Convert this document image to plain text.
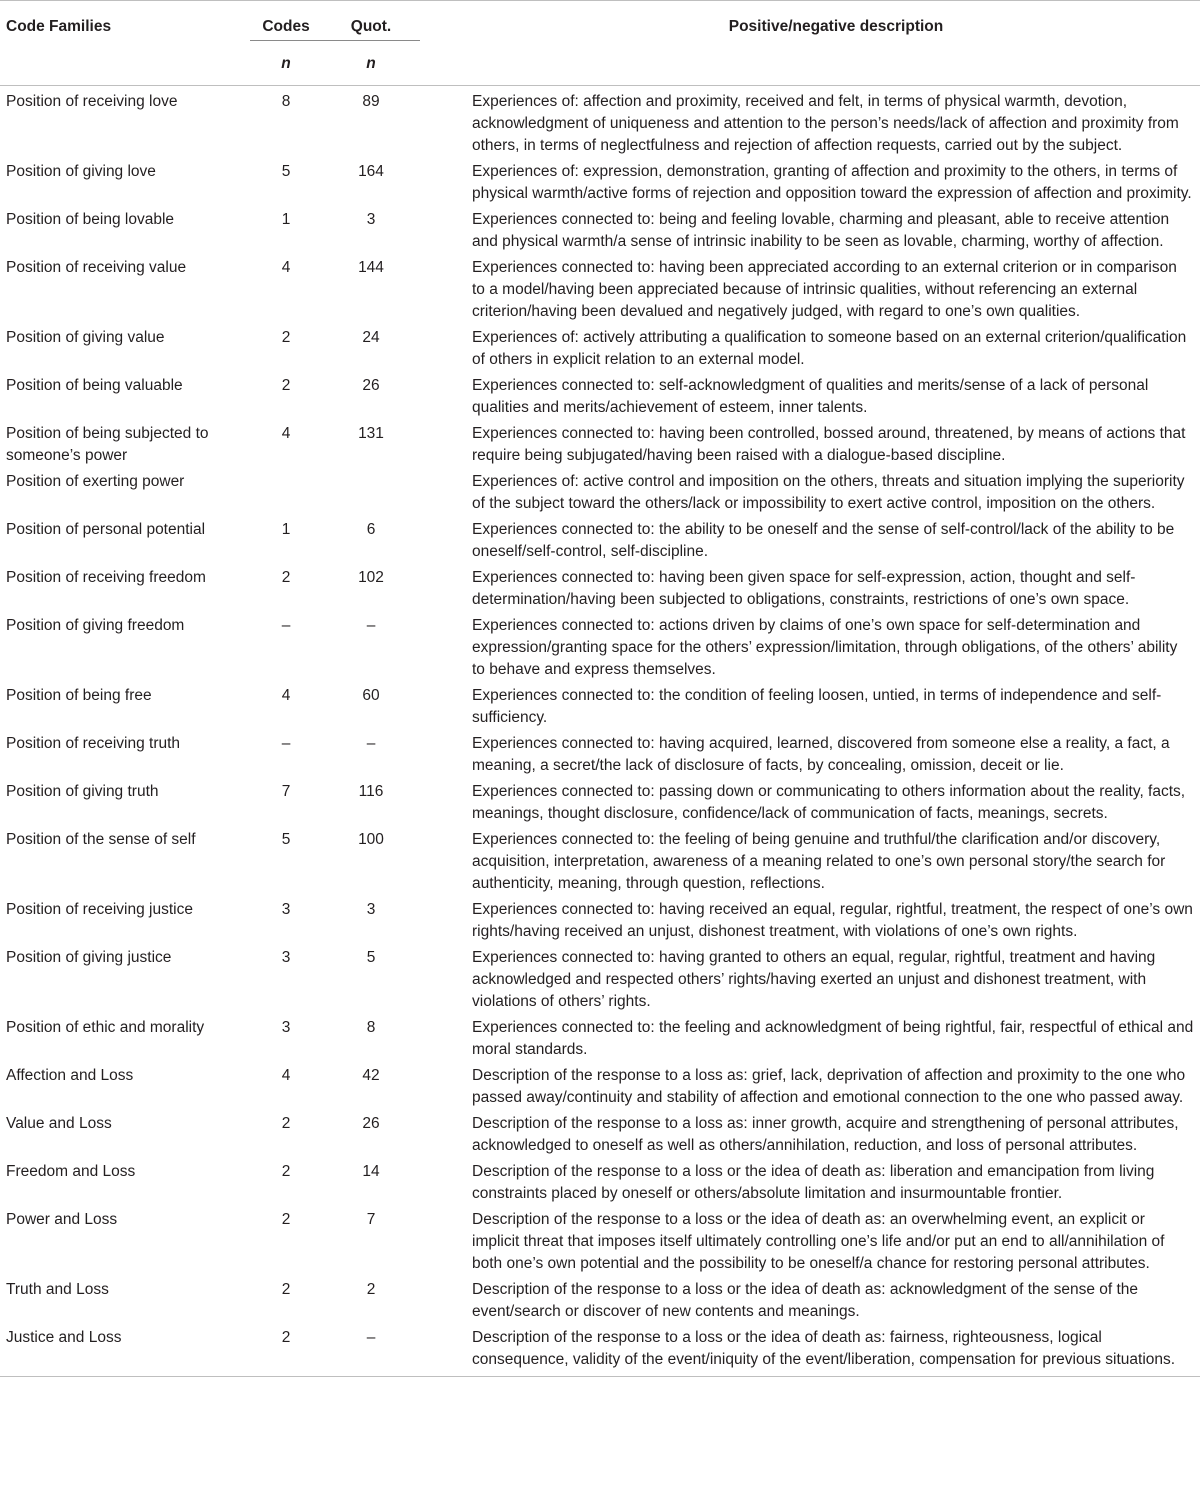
Code Families	Codes	Quot.		Positive/negative description
	n	n		
Position of receiving love	8	89		Experiences of: affection and proximity, received and felt, in terms of physical warmth, devotion, acknowledgment of uniqueness and attention to the person’s needs/lack of affection and proximity from others, in terms of neglectfulness and rejection of affection requests, carried out by the subject.
Position of giving love	5	164		Experiences of: expression, demonstration, granting of affection and proximity to the others, in terms of physical warmth/active forms of rejection and opposition toward the expression of affection and proximity.
Position of being lovable	1	3		Experiences connected to: being and feeling lovable, charming and pleasant, able to receive attention and physical warmth/a sense of intrinsic inability to be seen as lovable, charming, worthy of affection.
Position of receiving value	4	144		Experiences connected to: having been appreciated according to an external criterion or in comparison to a model/having been appreciated because of intrinsic qualities, without referencing an external criterion/having been devalued and negatively judged, with regard to one’s own qualities.
Position of giving value	2	24		Experiences of: actively attributing a qualification to someone based on an external criterion/qualification of others in explicit relation to an external model.
Position of being valuable	2	26		Experiences connected to: self-acknowledgment of qualities and merits/sense of a lack of personal qualities and merits/achievement of esteem, inner talents.
Position of being subjected to someone’s power	4	131		Experiences connected to: having been controlled, bossed around, threatened, by means of actions that require being subjugated/having been raised with a dialogue-based discipline.
Position of exerting power				Experiences of: active control and imposition on the others, threats and situation implying the superiority of the subject toward the others/lack or impossibility to exert active control, imposition on the others.
Position of personal potential	1	6		Experiences connected to: the ability to be oneself and the sense of self-control/lack of the ability to be oneself/self-control, self-discipline.
Position of receiving freedom	2	102		Experiences connected to: having been given space for self-expression, action, thought and self-determination/having been subjected to obligations, constraints, restrictions of one’s own space.
Position of giving freedom	–	–		Experiences connected to: actions driven by claims of one’s own space for self-determination and expression/granting space for the others’ expression/limitation, through obligations, of the others’ ability to behave and express themselves.
Position of being free	4	60		Experiences connected to: the condition of feeling loosen, untied, in terms of independence and self-sufficiency.
Position of receiving truth	–	–		Experiences connected to: having acquired, learned, discovered from someone else a reality, a fact, a meaning, a secret/the lack of disclosure of facts, by concealing, omission, deceit or lie.
Position of giving truth	7	116		Experiences connected to: passing down or communicating to others information about the reality, facts, meanings, thought disclosure, confidence/lack of communication of facts, meanings, secrets.
Position of the sense of self	5	100		Experiences connected to: the feeling of being genuine and truthful/the clarification and/or discovery, acquisition, interpretation, awareness of a meaning related to one’s own personal story/the search for authenticity, meaning, through question, reflections.
Position of receiving justice	3	3		Experiences connected to: having received an equal, regular, rightful, treatment, the respect of one’s own rights/having received an unjust, dishonest treatment, with violations of one’s own rights.
Position of giving justice	3	5		Experiences connected to: having granted to others an equal, regular, rightful, treatment and having acknowledged and respected others’ rights/having exerted an unjust and dishonest treatment, with violations of others’ rights.
Position of ethic and morality	3	8		Experiences connected to: the feeling and acknowledgment of being rightful, fair, respectful of ethical and moral standards.
Affection and Loss	4	42		Description of the response to a loss as: grief, lack, deprivation of affection and proximity to the one who passed away/continuity and stability of affection and emotional connection to the one who passed away.
Value and Loss	2	26		Description of the response to a loss as: inner growth, acquire and strengthening of personal attributes, acknowledged to oneself as well as others/annihilation, reduction, and loss of personal attributes.
Freedom and Loss	2	14		Description of the response to a loss or the idea of death as: liberation and emancipation from living constraints placed by oneself or others/absolute limitation and insurmountable frontier.
Power and Loss	2	7		Description of the response to a loss or the idea of death as: an overwhelming event, an explicit or implicit threat that imposes itself ultimately controlling one’s life and/or put an end to all/annihilation of both one’s own potential and the possibility to be oneself/a chance for restoring personal attributes.
Truth and Loss	2	2		Description of the response to a loss or the idea of death as: acknowledgment of the sense of the event/search or discover of new contents and meanings.
Justice and Loss	2	–		Description of the response to a loss or the idea of death as: fairness, righteousness, logical consequence, validity of the event/iniquity of the event/liberation, compensation for previous situations.
